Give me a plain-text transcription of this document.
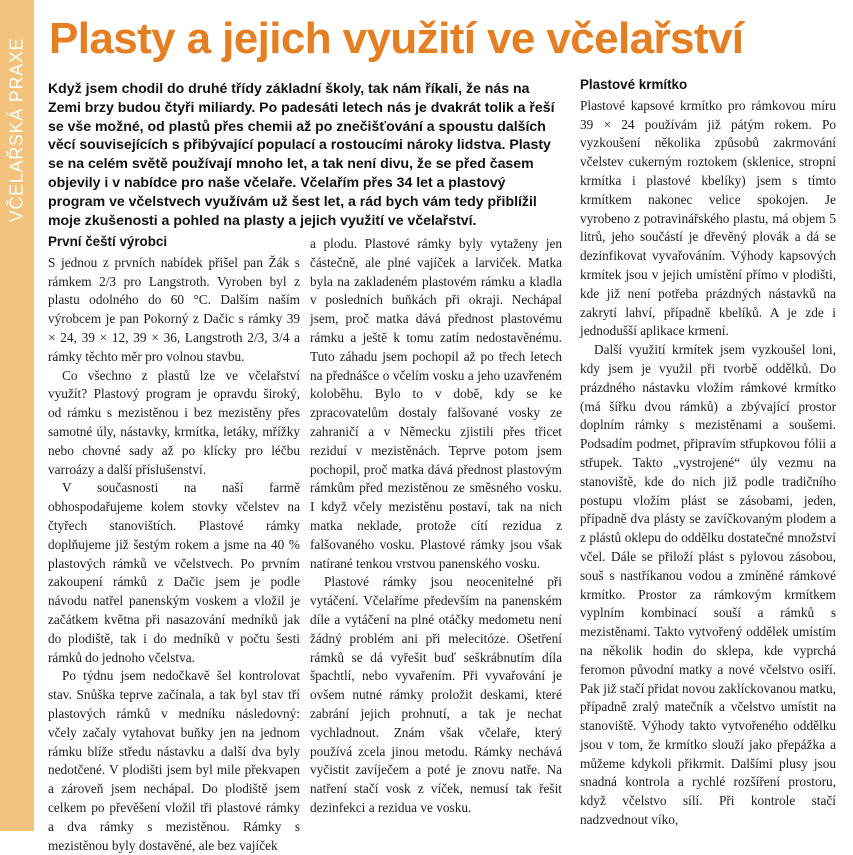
VČELAŘSKÁ PRAXE Plasty a jejich využití ve včelařství

Když jsem chodil do druhé třídy základní školy, tak nám říkali, že nás na Zemi brzy budou čtyři miliardy. Po padesáti letech nás je dvakrát tolik a řeší se vše možné, od plastů přes chemii až po znečišťování a spoustu dalších věcí souvisejících s přibývající populací a rostoucími nároky lidstva. Plasty se na celém světě používají mnoho let, a tak není divu, že se před časem objevily i v nabídce pro naše včelaře. Včelařím přes 34 let a plastový program ve včelstvech využívám už šest let, a rád bych vám tedy přiblížil moje zkušenosti a pohled na plasty a jejich využití ve včelařství.

První čeští výrobci
S jednou z prvních nabídek přišel pan Žák s rámkem 2/3 pro Langstroth. Vyroben byl z plastu odolného do 60 °C. Dalším naším výrobcem je pan Pokorný z Dačic s rámky 39 × 24, 39 × 12, 39 × 36, Langstroth 2/3, 3/4 a rámky těchto měr pro volnou stavbu.
Co všechno z plastů lze ve včelařství využít? Plastový program je opravdu široký, od rámku s mezistěnou i bez mezistěny přes samotné úly, nástavky, krmítka, letáky, mřížky nebo chovné sady až po klícky pro léčbu varroázy a další příslušenství.
V současnosti na naší farmě obhospodařujeme kolem stovky včelstev na čtyřech stanovištích. Plastové rámky doplňujeme již šestým rokem a jsme na 40 % plastových rámků ve včelstvech. Po prvním zakoupení rámků z Dačic jsem je podle návodu natřel panenským voskem a vložil je začátkem května při nasazování medníků jak do plodiště, tak i do medníků v počtu šesti rámků do jednoho včelstva.
Po týdnu jsem nedočkavě šel kontrolovat stav. Snůška teprve začínala, a tak byl stav tří plastových rámků v medníku následovný: včely začaly vytahovat buňky jen na jednom rámku blíže středu nástavku a další dva byly nedotčené. V plodišti jsem byl mile překvapen a zároveň jsem nechápal. Do plodiště jsem celkem po převěšení vložil tři plastové rámky a dva rámky s mezistěnou. Rámky s mezistěnou byly dostavěné, ale bez vajíček
a plodu. Plastové rámky byly vytaženy jen částečně, ale plné vajíček a larviček. Matka byla na zakladeném plastovém rámku a kladla v posledních buňkách při okraji. Nechápal jsem, proč matka dává přednost plastovému rámku a ještě k tomu zatím nedostavěnému. Tuto záhadu jsem pochopil až po třech letech na přednášce o včelím vosku a jeho uzavřeném koloběhu. Bylo to v době, kdy se ke zpracovatelům dostaly falšované vosky ze zahraničí a v Německu zjistili přes třicet reziduí v mezistěnách. Teprve potom jsem pochopil, proč matka dává přednost plastovým rámkům před mezistěnou ze směsného vosku. I když včely mezistěnu postaví, tak na nich matka neklade, protože cítí rezidua z falšovaného vosku. Plastové rámky jsou však natírané tenkou vrstvou panenského vosku.
Plastové rámky jsou neocenitelné při vytáčení. Včelaříme především na panenském díle a vytáčení na plné otáčky medometu není žádný problém ani při melecitóze. Ošetření rámků se dá vyřešit buď seškrábnutím díla špachtlí, nebo vyvařením. Při vyvařování je ovšem nutné rámky proložit deskami, které zabrání jejich prohnutí, a tak je nechat vychladnout. Znám však včelaře, který používá zcela jinou metodu. Rámky nechává vyčistit zavíječem a poté je znovu natře. Na natření stačí vosk z víček, nemusí tak řešit dezinfekci a rezidua ve vosku.
Plastové krmítko
Plastové kapsové krmítko pro rámkovou míru 39 × 24 používám již pátým rokem. Po vyzkoušení několika způsobů zakrmování včelstev cukerným roztokem (sklenice, stropní krmítka i plastové kbelíky) jsem s tímto krmítkem nakonec velice spokojen. Je vyrobeno z potravinářského plastu, má objem 5 litrů, jeho součástí je dřevěný plovák a dá se dezinfikovat vyvařováním. Výhody kapsových krmítek jsou v jejich umístění přímo v plodišti, kde již není potřeba prázdných nástavků na zakrytí lahví, případně kbelíků. A je zde i jednodušší aplikace krmení.
Další využití krmítek jsem vyzkoušel loni, kdy jsem je využil při tvorbě oddělků. Do prázdného nástavku vložím rámkové krmítko (má šířku dvou rámků) a zbývající prostor doplním rámky s mezistěnami a soušemi. Podsadím podmet, připravím střupkovou fólii a střupek. Takto „vystrojené“ úly vezmu na stanoviště, kde do nich již podle tradičního postupu vložím plást se zásobami, jeden, případně dva plásty se zavíčkovaným plodem a z plástů oklepu do oddělku dostatečné množství včel. Dále se přiloží plást s pylovou zásobou, souš s nastříkanou vodou a zmíněné rámkové krmítko. Prostor za rámkovým krmítkem vyplním kombinací souší a rámků s mezistěnami. Takto vytvořený oddělek umístím na několik hodin do sklepa, kde vyprchá feromon původní matky a nové včelstvo osiří. Pak již stačí přidat novou zaklíckovanou matku, případně zralý matečník a včelstvo umístit na stanoviště. Výhody takto vytvořeného oddělku jsou v tom, že krmítko slouží jako přepážka a můžeme kdykoli přikrmit. Dalšími plusy jsou snadná kontrola a rychlé rozšíření prostoru, když včelstvo sílí. Při kontrole stačí nadzvednout víko,
